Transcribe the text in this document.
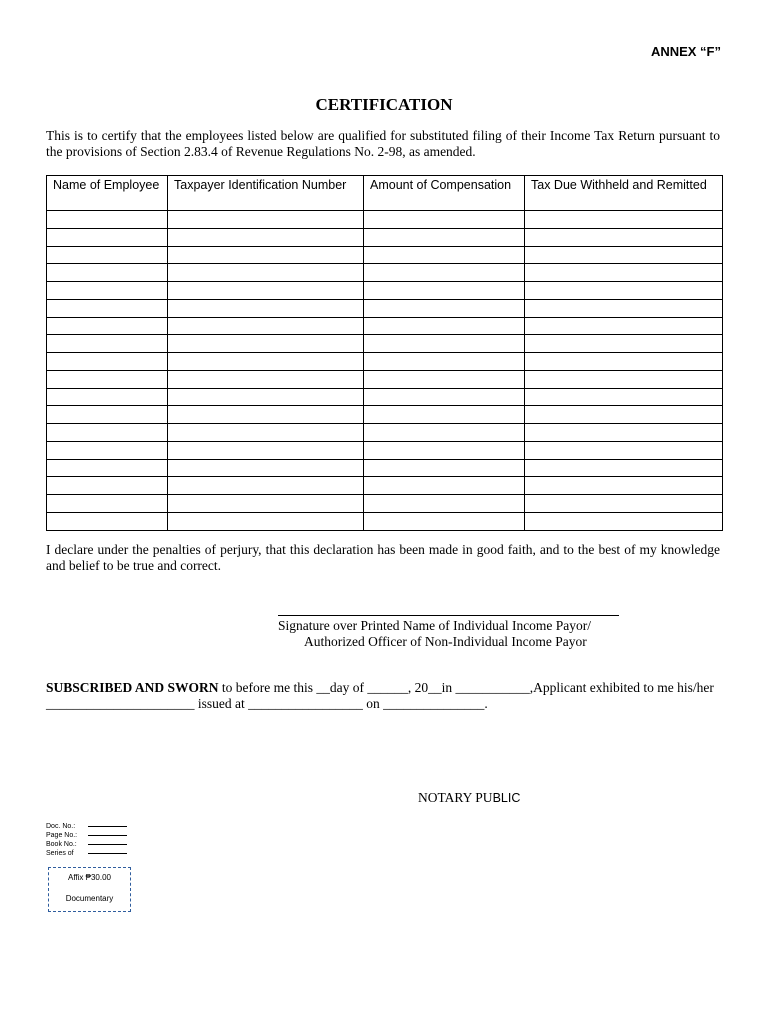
ANNEX “F”
CERTIFICATION
This is to certify that the employees listed below are qualified for substituted filing of their Income Tax Return pursuant to the provisions of Section 2.83.4 of Revenue Regulations No. 2-98, as amended.
Name of Employee	Taxpayer Identification Number	Amount of Compensation	Tax Due Withheld and Remitted

I declare under the penalties of perjury, that this declaration has been made in good faith, and to the best of my knowledge and belief to be true and correct.
Signature over Printed Name of Individual Income Payor/
Authorized Officer of Non-Individual Income Payor
SUBSCRIBED AND SWORN to before me this __day of ______, 20__in ___________,Applicant exhibited to me his/her ______________________ issued at _________________ on _______________.
NOTARY PUBLIC
Doc. No.:
Page No.:
Book No.:
Series of
Affix ₱30.00
Documentary
